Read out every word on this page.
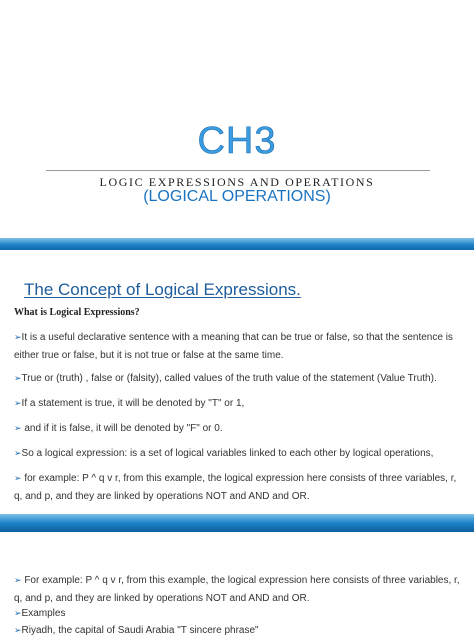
CH3
LOGIC EXPRESSIONS AND OPERATIONS
(LOGICAL OPERATIONS)
The Concept of Logical Expressions.

What is Logical Expressions?

➢It is a useful declarative sentence with a meaning that can be true or false, so that the sentence is either true or false, but it is not true or false at the same time.

➢True or (truth) , false or (falsity), called values of the truth value of the statement (Value Truth).

➢If a statement is true, it will be denoted by "T" or 1,

➢ and if it is false, it will be denoted by "F" or 0.

➢So a logical expression: is a set of logical variables linked to each other by logical operations,

➢ for example: P ^ q v r, from this example, the logical expression here consists of three variables, r, q, and p, and they are linked by operations NOT and AND and OR.

➢ For example: P ^ q v r, from this example, the logical expression here consists of three variables, r, q, and p, and they are linked by operations NOT and AND and OR.

➢Examples

➢Riyadh, the capital of Saudi Arabia "T sincere phrase"
